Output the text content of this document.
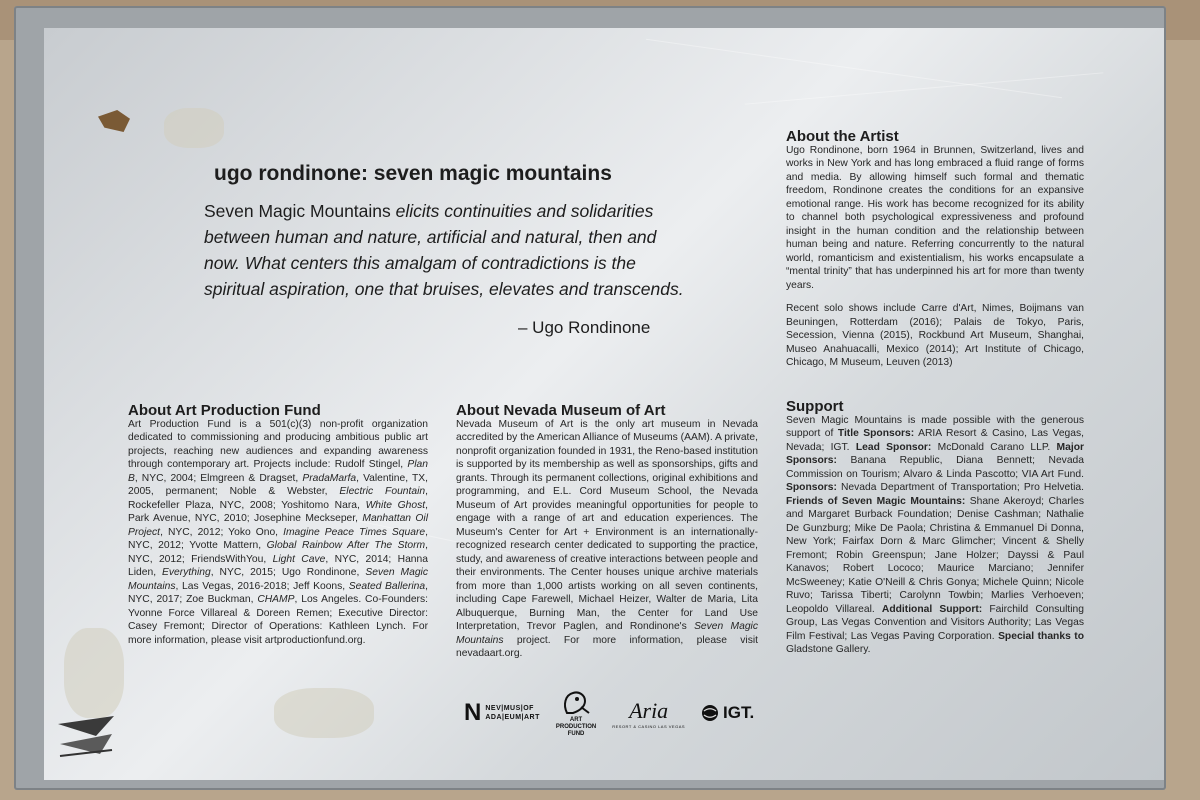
ugo rondinone: seven magic mountains
Seven Magic Mountains elicits continuities and solidarities between human and nature, artificial and natural, then and now. What centers this amalgam of contradictions is the spiritual aspiration, one that bruises, elevates and transcends.
– Ugo Rondinone
About Art Production Fund

Art Production Fund is a 501(c)(3) non-profit organization dedicated to commissioning and producing ambitious public art projects, reaching new audiences and expanding awareness through contemporary art. Projects include: Rudolf Stingel, Plan B, NYC, 2004; Elmgreen & Dragset, PradaMarfa, Valentine, TX, 2005, permanent; Noble & Webster, Electric Fountain, Rockefeller Plaza, NYC, 2008; Yoshitomo Nara, White Ghost, Park Avenue, NYC, 2010; Josephine Meckseper, Manhattan Oil Project, NYC, 2012; Yoko Ono, Imagine Peace Times Square, NYC, 2012; Yvotte Mattern, Global Rainbow After The Storm, NYC, 2012; FriendsWithYou, Light Cave, NYC, 2014; Hanna Liden, Everything, NYC, 2015; Ugo Rondinone, Seven Magic Mountains, Las Vegas, 2016-2018; Jeff Koons, Seated Ballerina, NYC, 2017; Zoe Buckman, CHAMP, Los Angeles. Co-Founders: Yvonne Force Villareal & Doreen Remen; Executive Director: Casey Fremont; Director of Operations: Kathleen Lynch. For more information, please visit artproductionfund.org.

About Nevada Museum of Art

Nevada Museum of Art is the only art museum in Nevada accredited by the American Alliance of Museums (AAM). A private, nonprofit organization founded in 1931, the Reno-based institution is supported by its membership as well as sponsorships, gifts and grants. Through its permanent collections, original exhibitions and programming, and E.L. Cord Museum School, the Nevada Museum of Art provides meaningful opportunities for people to engage with a range of art and education experiences. The Museum's Center for Art + Environment is an internationally-recognized research center dedicated to supporting the practice, study, and awareness of creative interactions between people and their environments. The Center houses unique archive materials from more than 1,000 artists working on all seven continents, including Cape Farewell, Michael Heizer, Walter de Maria, Lita Albuquerque, Burning Man, the Center for Land Use Interpretation, Trevor Paglen, and Rondinone's Seven Magic Mountains project. For more information, please visit nevadaart.org.

About the Artist

Ugo Rondinone, born 1964 in Brunnen, Switzerland, lives and works in New York and has long embraced a fluid range of forms and media. By allowing himself such formal and thematic freedom, Rondinone creates the conditions for an expansive emotional range. His work has become recognized for its ability to channel both psychological expressiveness and profound insight in the human condition and the relationship between human being and nature. Referring concurrently to the natural world, romanticism and existentialism, his works encapsulate a “mental trinity” that has underpinned his art for more than twenty years.

Recent solo shows include Carre d'Art, Nimes, Boijmans van Beuningen, Rotterdam (2016); Palais de Tokyo, Paris, Secession, Vienna (2015), Rockbund Art Museum, Shanghai, Museo Anahuacalli, Mexico (2014); Art Institute of Chicago, Chicago, M Museum, Leuven (2013)

Support

Seven Magic Mountains is made possible with the generous support of Title Sponsors: ARIA Resort & Casino, Las Vegas, Nevada; IGT. Lead Sponsor: McDonald Carano LLP. Major Sponsors: Banana Republic, Diana Bennett; Nevada Commission on Tourism; Alvaro & Linda Pascotto; VIA Art Fund. Sponsors: Nevada Department of Transportation; Pro Helvetia. Friends of Seven Magic Mountains: Shane Akeroyd; Charles and Margaret Burback Foundation; Denise Cashman; Nathalie De Gunzburg; Mike De Paola; Christina & Emmanuel Di Donna, New York; Fairfax Dorn & Marc Glimcher; Vincent & Shelly Fremont; Robin Greenspun; Jane Holzer; Dayssi & Paul Kanavos; Robert Lococo; Maurice Marciano; Jennifer McSweeney; Katie O'Neill & Chris Gonya; Michele Quinn; Nicole Ruvo; Tarissa Tiberti; Carolynn Towbin; Marlies Verhoeven; Leopoldo Villareal. Additional Support: Fairchild Consulting Group, Las Vegas Convention and Visitors Authority; Las Vegas Film Festival; Las Vegas Paving Corporation. Special thanks to Gladstone Gallery.

N NEV|MUS|OF
ADA|EUM|ART	ART
PRODUCTION
FUND
Aria
RESORT & CASINO LAS VEGAS
IGT.
